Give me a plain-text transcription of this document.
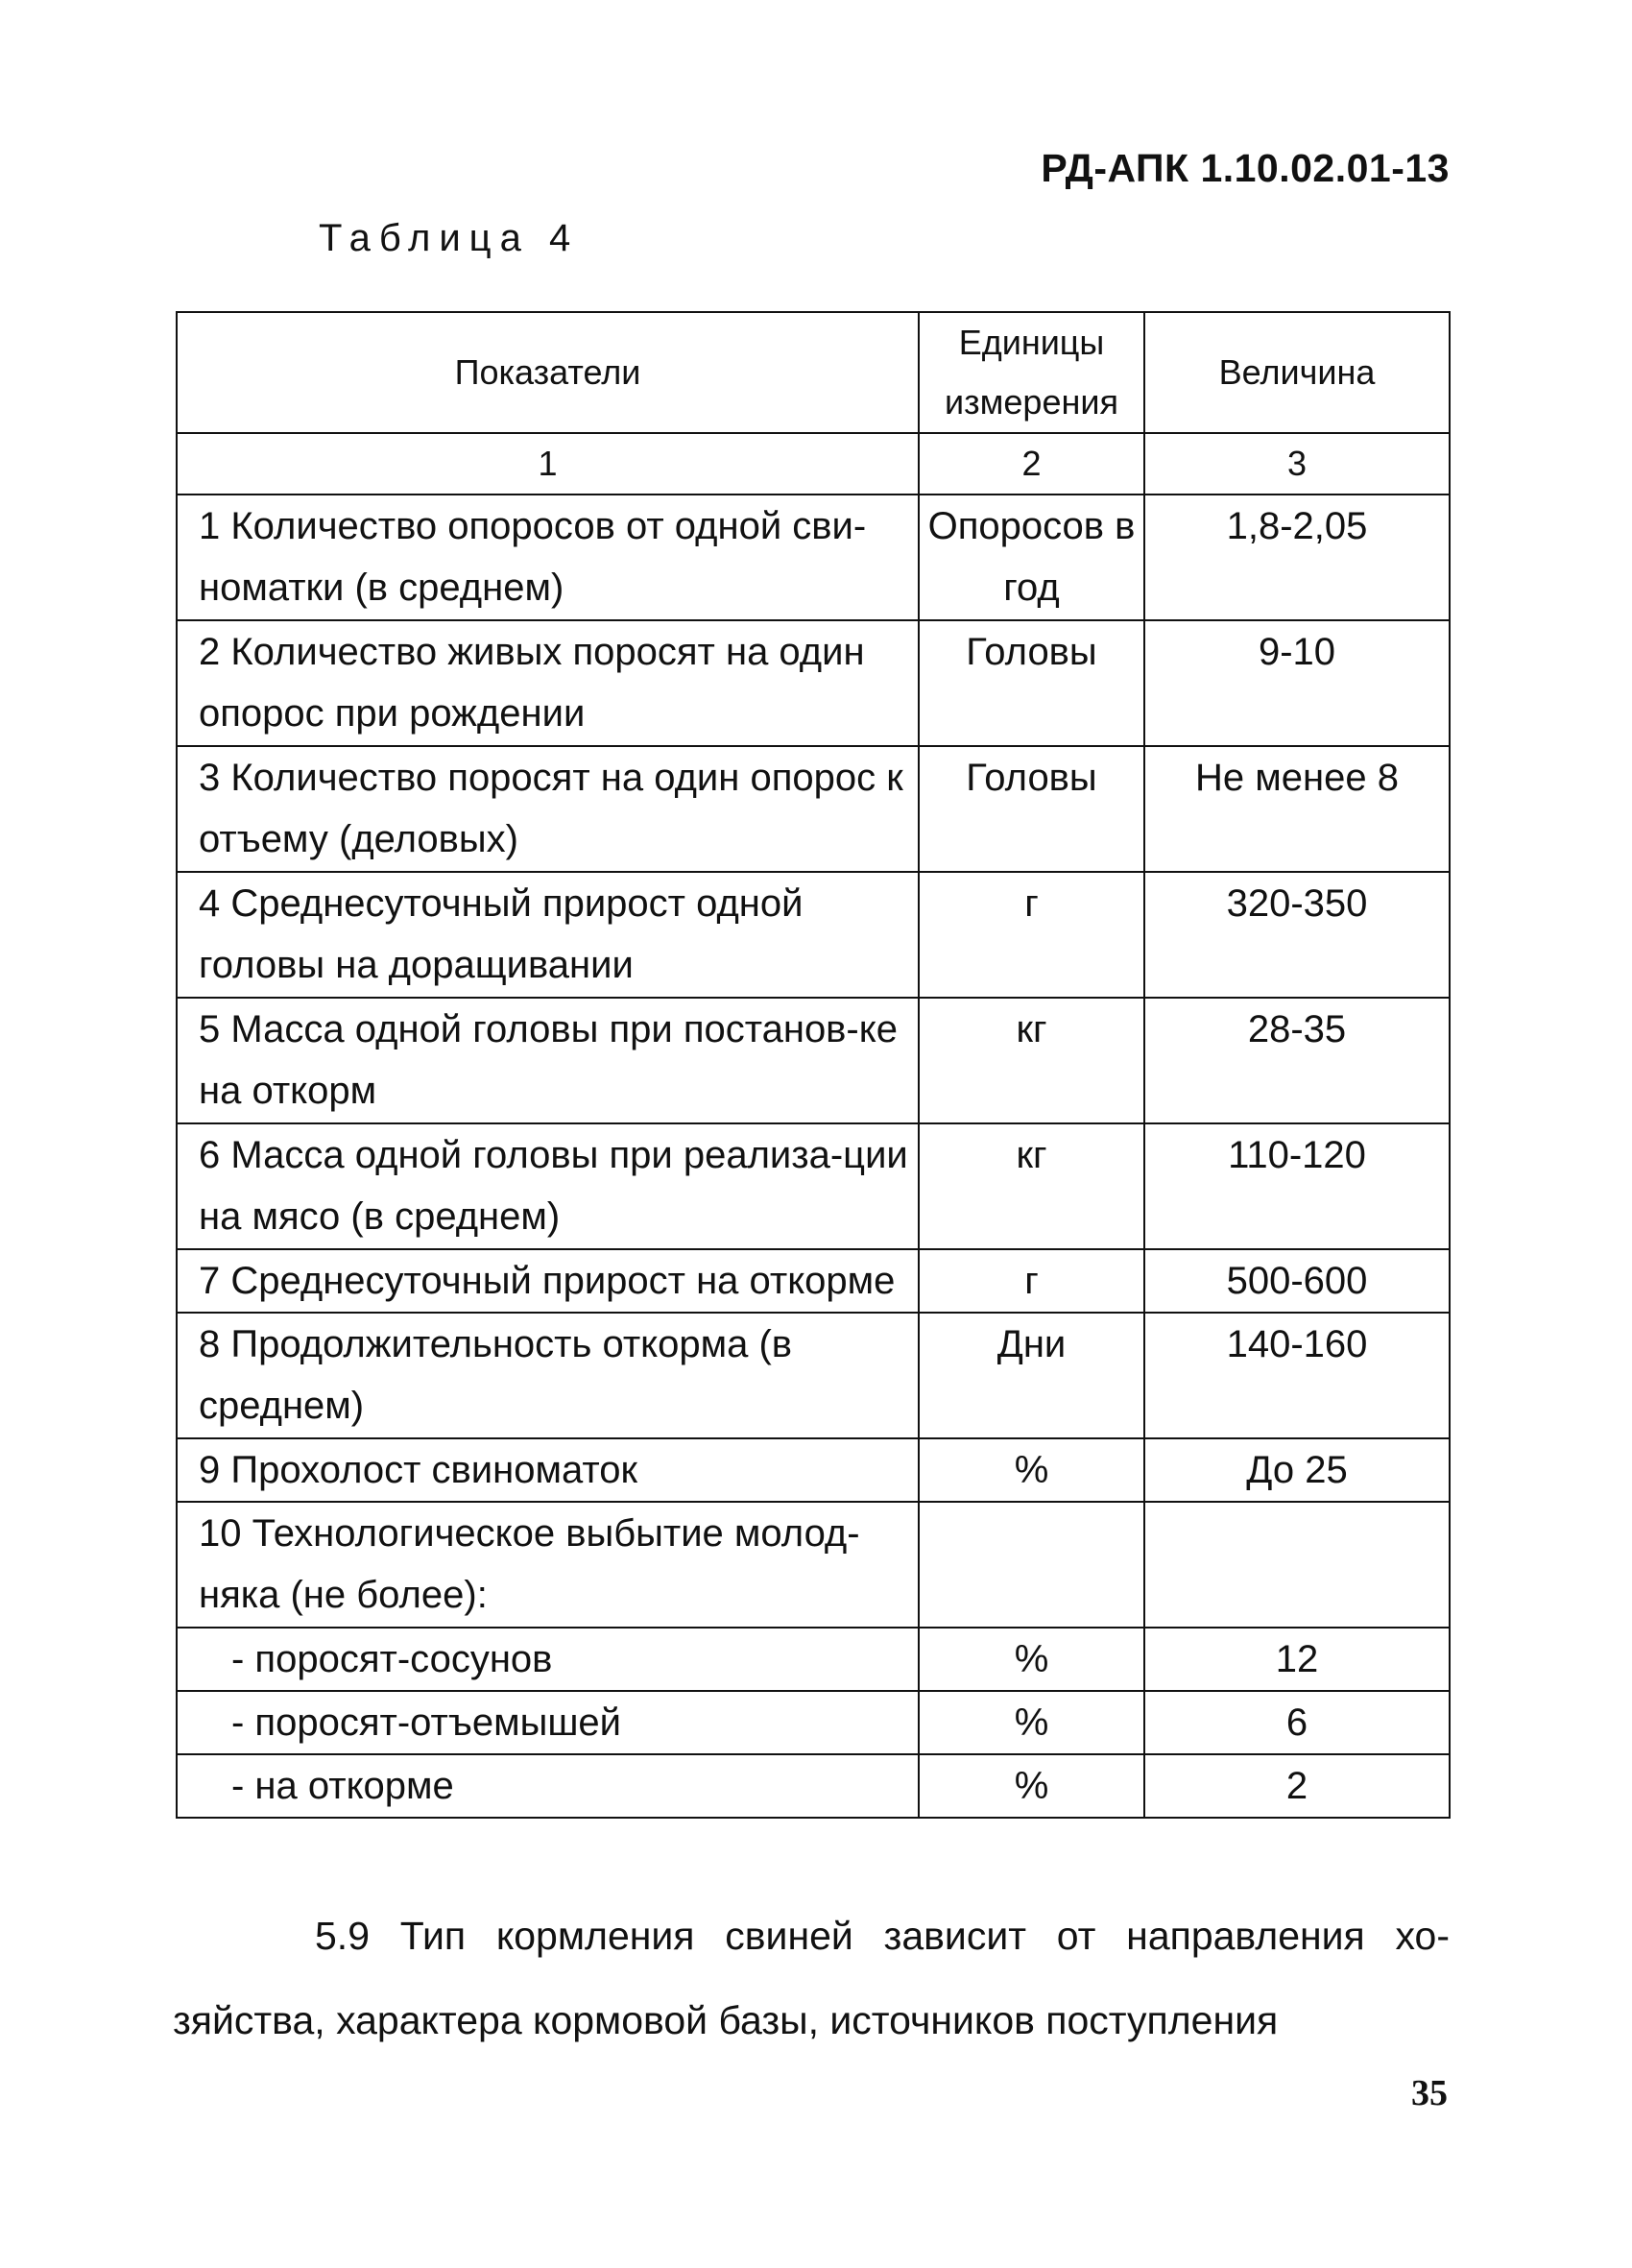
РД-АПК 1.10.02.01-13
Таблица 4
Показатели	Единицы измерения	Величина
1	2	3
1 Количество опоросов от одной сви-номатки (в среднем)	Опоросов в год	1,8-2,05
2 Количество живых поросят на один опорос при рождении	Головы	9-10
3 Количество поросят на один опорос к отъему (деловых)	Головы	Не менее 8
4 Среднесуточный прирост одной головы на доращивании	г	320-350
5 Масса одной головы при постанов-ке на откорм	кг	28-35
6 Масса одной головы при реализа-ции на мясо (в среднем)	кг	110-120
7 Среднесуточный прирост на откорме	г	500-600
8 Продолжительность откорма (в среднем)	Дни	140-160
9 Прохолост свиноматок	%	До 25
10 Технологическое выбытие молод-няка (не более):		
- поросят-сосунов	%	12
- поросят-отъемышей	%	6
- на откорме	%	2
5.9 Тип кормления свиней зависит от направления хо-зяйства, характера кормовой базы, источников поступления
35
